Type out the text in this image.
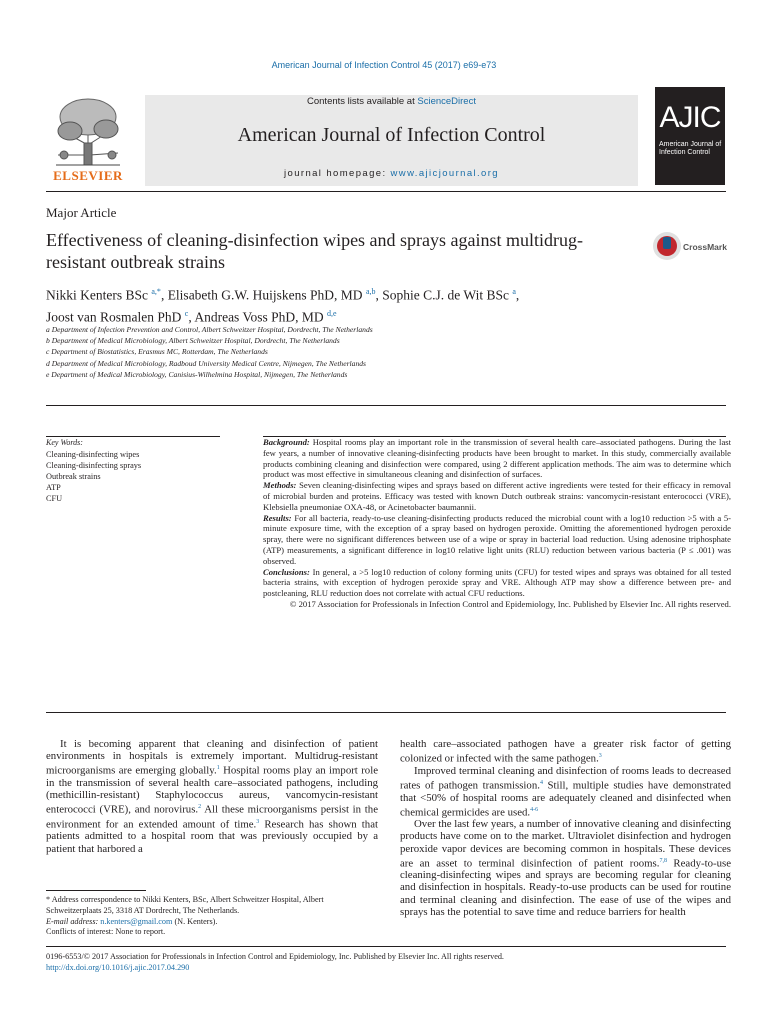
American Journal of Infection Control 45 (2017) e69-e73
ELSEVIER
Contents lists available at ScienceDirect
American Journal of Infection Control
journal homepage: www.ajicjournal.org
AJIC
American Journal of Infection Control
Major Article
Effectiveness of cleaning-disinfection wipes and sprays against multidrug-resistant outbreak strains
CrossMark
Nikki Kenters BSc $^{a,*}$, Elisabeth G.W. Huijskens PhD, MD $^{a,b}$, Sophie C.J. de Wit BSc $^a$,
Joost van Rosmalen PhD $^c$, Andreas Voss PhD, MD $^{d,e}$
a Department of Infection Prevention and Control, Albert Schweitzer Hospital, Dordrecht, The Netherlands
b Department of Medical Microbiology, Albert Schweitzer Hospital, Dordrecht, The Netherlands
c Department of Biostatistics, Erasmus MC, Rotterdam, The Netherlands
d Department of Medical Microbiology, Radboud University Medical Centre, Nijmegen, The Netherlands
e Department of Medical Microbiology, Canisius-Wilhelmina Hospital, Nijmegen, The Netherlands
Key Words:
Cleaning-disinfecting wipes
Cleaning-disinfecting sprays
Outbreak strains
ATP
CFU

Background: Hospital rooms play an important role in the transmission of several health care–associated pathogens. During the last few years, a number of innovative cleaning-disinfecting products have been brought to market. In this study, commercially available products combining cleaning and disinfection were compared, using 2 different application methods. The aim was to determine which product was most effective in simultaneous cleaning and disinfection of surfaces.

Methods: Seven cleaning-disinfecting wipes and sprays based on different active ingredients were tested for their efficacy in removal of microbial burden and proteins. Efficacy was tested with known Dutch outbreak strains: vancomycin-resistant enterococci (VRE), Klebsiella pneumoniae OXA-48, or Acinetobacter baumannii.

Results: For all bacteria, ready-to-use cleaning-disinfecting products reduced the microbial count with a log10 reduction >5 with a 5-minute exposure time, with the exception of a spray based on hydrogen peroxide. Omitting the aforementioned hydrogen peroxide spray, there were no significant differences between use of a wipe or spray in bacterial load reduction. Using adenosine triphosphate (ATP) measurements, a significant difference in log10 relative light units (RLU) reduction between various bacteria (P ≤ .001) was observed.

Conclusions: In general, a >5 log10 reduction of colony forming units (CFU) for tested wipes and sprays was obtained for all tested bacteria strains, with exception of hydrogen peroxide spray and VRE. Although ATP may show a difference between pre- and postcleaning, RLU reduction does not correlate with actual CFU reductions.

© 2017 Association for Professionals in Infection Control and Epidemiology, Inc. Published by Elsevier Inc. All rights reserved.

It is becoming apparent that cleaning and disinfection of patient environments in hospitals is extremely important. Multidrug-resistant microorganisms are emerging globally.$^1$ Hospital rooms play an import role in the transmission of several health care–associated pathogens, including (methicillin-resistant) Staphylococcus aureus, vancomycin-resistant enterococci (VRE), and norovirus.$^2$ All these microorganisms persist in the environment for an extended amount of time.$^3$ Research has shown that patients admitted to a hospital room that was previously occupied by a patient that harbored a

health care–associated pathogen have a greater risk factor of getting colonized or infected with the same pathogen.$^3$

Improved terminal cleaning and disinfection of rooms leads to decreased rates of pathogen transmission.$^4$ Still, multiple studies have demonstrated that <50% of hospital rooms are adequately cleaned and disinfected when chemical germicides are used.$^{4-6}$

Over the last few years, a number of innovative cleaning and disinfecting products have come on to the market. Ultraviolet disinfection and hydrogen peroxide vapor devices are becoming common in hospitals. These devices are an asset to terminal disinfection of patient rooms.$^{7,8}$ Ready-to-use cleaning-disinfecting wipes and sprays are becoming regular for cleaning and disinfection in hospitals. Ready-to-use products can be used for routine and terminal cleaning and disinfection. The ease of use of the wipes and sprays has the potential to save time and reduce barriers for health

* Address correspondence to Nikki Kenters, BSc, Albert Schweitzer Hospital, Albert Schweitzerplaats 25, 3318 AT Dordrecht, The Netherlands.

E-mail address: n.kenters@gmail.com (N. Kenters).

Conflicts of interest: None to report.

0196-6553/© 2017 Association for Professionals in Infection Control and Epidemiology, Inc. Published by Elsevier Inc. All rights reserved.
http://dx.doi.org/10.1016/j.ajic.2017.04.290
